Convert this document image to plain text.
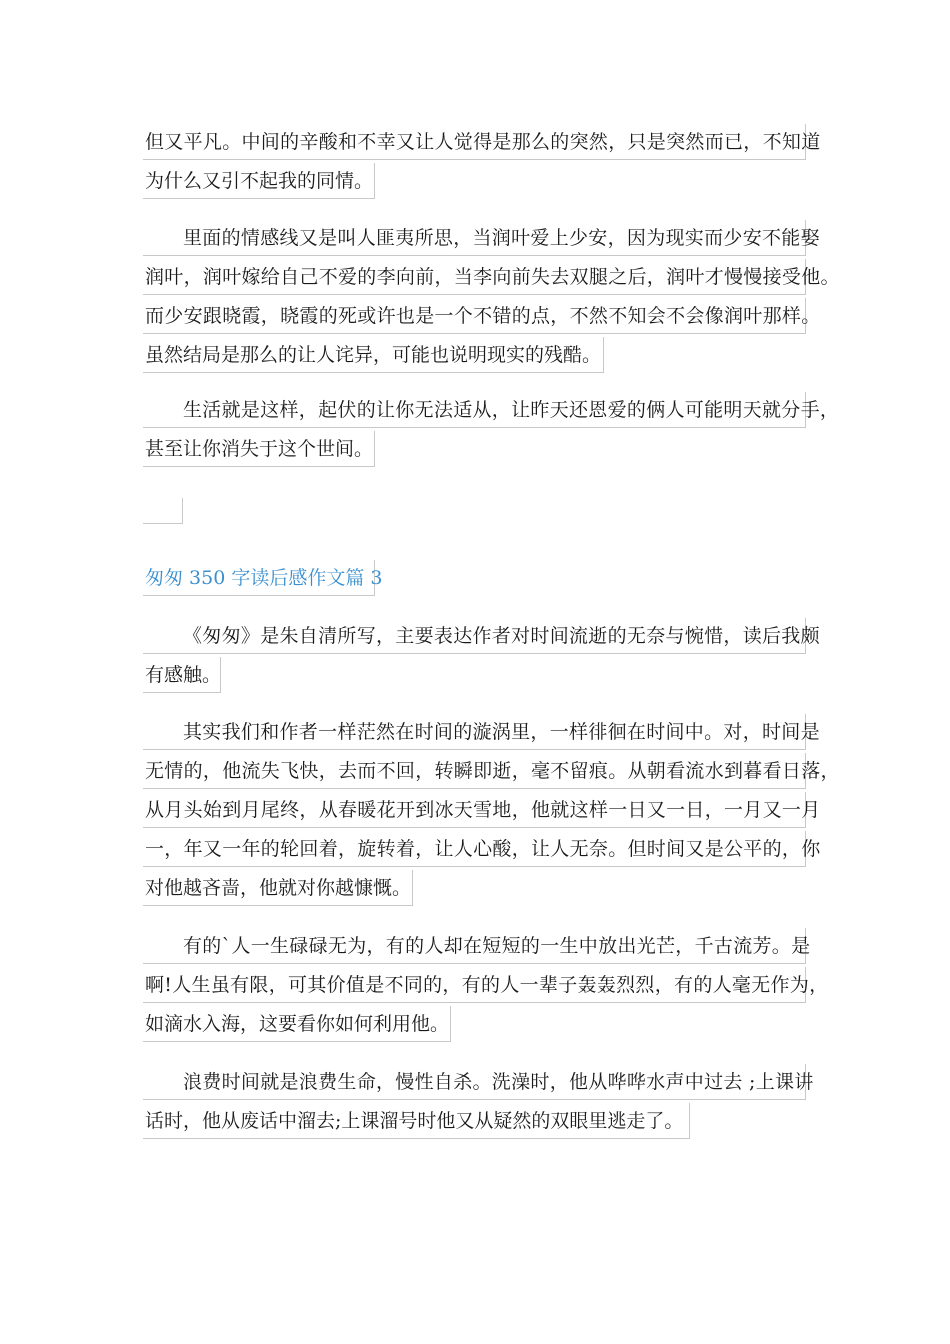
但又平凡。中间的辛酸和不幸又让人觉得是那么的突然，只是突然而已，不知道
为什么又引不起我的同情。
里面的情感线又是叫人匪夷所思，当润叶爱上少安，因为现实而少安不能娶
润叶，润叶嫁给自己不爱的李向前，当李向前失去双腿之后，润叶才慢慢接受他。
而少安跟晓霞，晓霞的死或许也是一个不错的点，不然不知会不会像润叶那样。
虽然结局是那么的让人诧异，可能也说明现实的残酷。
生活就是这样，起伏的让你无法适从，让昨天还恩爱的俩人可能明天就分手，
甚至让你消失于这个世间。
匆匆 350 字读后感作文篇 3
《匆匆》是朱自清所写，主要表达作者对时间流逝的无奈与惋惜，读后我颇
有感触。
其实我们和作者一样茫然在时间的漩涡里，一样徘徊在时间中。对，时间是
无情的，他流失飞快，去而不回，转瞬即逝，毫不留痕。从朝看流水到暮看日落，
从月头始到月尾终，从春暖花开到冰天雪地，他就这样一日又一日，一月又一月
一，年又一年的轮回着，旋转着，让人心酸，让人无奈。但时间又是公平的，你
对他越吝啬，他就对你越慷慨。
有的`人一生碌碌无为，有的人却在短短的一生中放出光芒，千古流芳。是
啊!人生虽有限，可其价值是不同的，有的人一辈子轰轰烈烈，有的人毫无作为，
如滴水入海，这要看你如何利用他。
浪费时间就是浪费生命，慢性自杀。洗澡时，他从哗哗水声中过去 ;上课讲
话时，他从废话中溜去;上课溜号时他又从疑然的双眼里逃走了。
